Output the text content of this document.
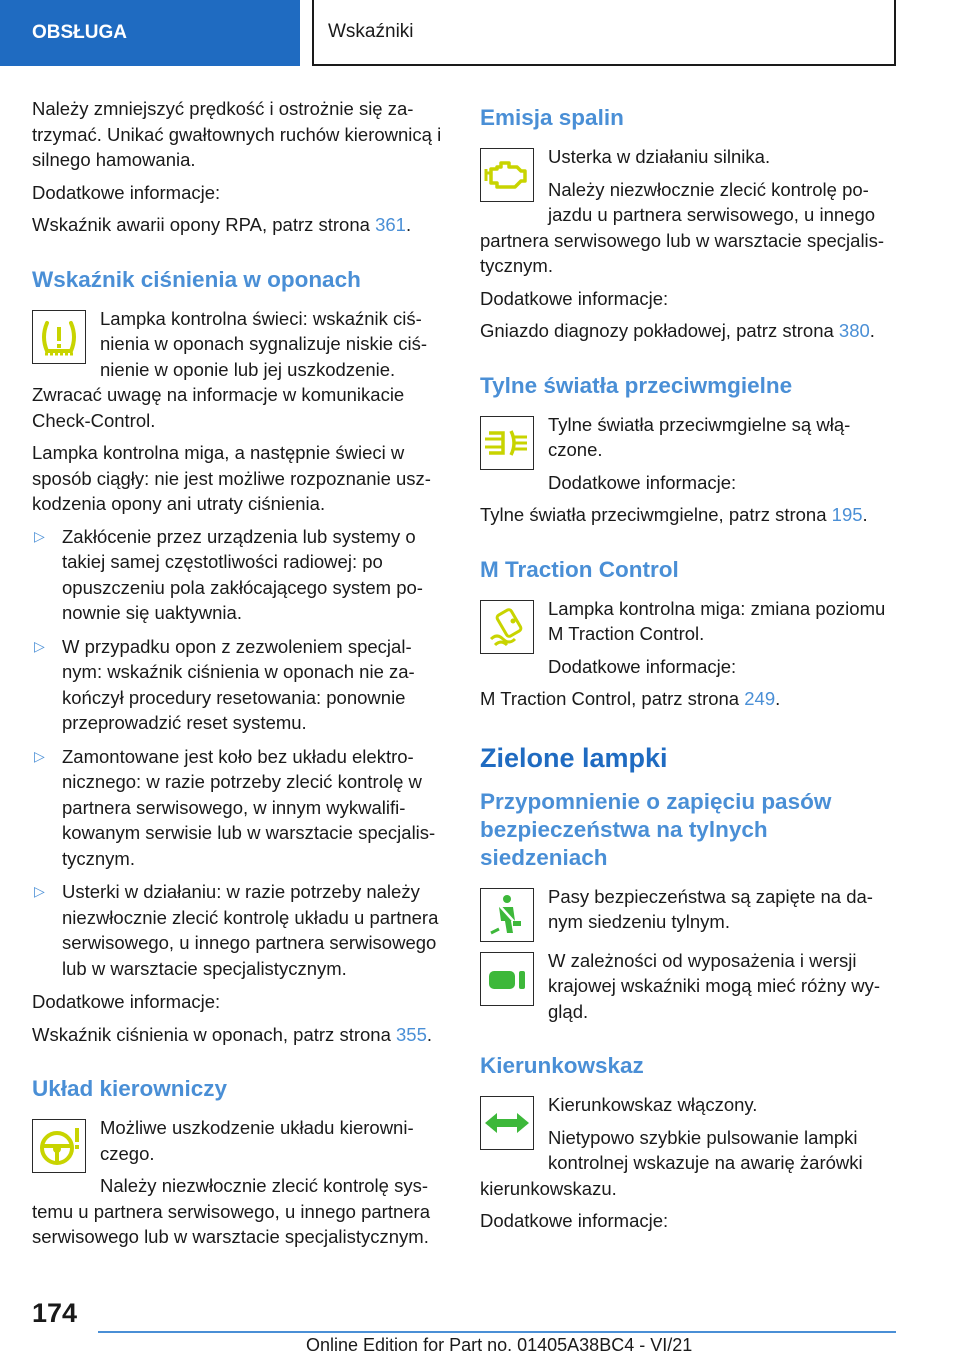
OBSŁUGA	Wskaźniki

Należy zmniejszyć prędkość i ostrożnie się za-trzymać. Unikać gwałtownych ruchów kierownicą i silnego hamowania.

Dodatkowe informacje:

Wskaźnik awarii opony RPA, patrz strona 361.

Wskaźnik ciśnienia w oponach
Lampka kontrolna świeci: wskaźnik ciś-nienia w oponach sygnalizuje niskie ciś-nienie w oponie lub jej uszkodzenie.

Zwracać uwagę na informacje w komunikacie Check-Control.

Lampka kontrolna miga, a następnie świeci w sposób ciągły: nie jest możliwe rozpoznanie usz-kodzenia opony ani utraty ciśnienia.

▷ Zakłócenie przez urządzenia lub systemy o takiej samej częstotliwości radiowej: po opuszczeniu pola zakłócającego system po-nownie się uaktywnia.
▷ W przypadku opon z zezwoleniem specjal-nym: wskaźnik ciśnienia w oponach nie za-kończył procedury resetowania: ponownie przeprowadzić reset systemu.
▷ Zamontowane jest koło bez układu elektro-nicznego: w razie potrzeby zlecić kontrolę w partnera serwisowego, w innym wykwalifi-kowanym serwisie lub w warsztacie specjalis-tycznym.
▷ Usterki w działaniu: w razie potrzeby należy niezwłocznie zlecić kontrolę układu u partnera serwisowego, u innego partnera serwisowego lub w warsztacie specjalistycznym.

Dodatkowe informacje:

Wskaźnik ciśnienia w oponach, patrz strona 355.

Układ kierowniczy

Możliwe uszkodzenie układu kierowni-czego.

Należy niezwłocznie zlecić kontrolę sys-temu u partnera serwisowego, u innego partnera serwisowego lub w warsztacie specjalistycznym.

Emisja spalin

Usterka w działaniu silnika.

Należy niezwłocznie zlecić kontrolę po-jazdu u partnera serwisowego, u innego partnera serwisowego lub w warsztacie specjalis-tycznym.

Dodatkowe informacje:

Gniazdo diagnozy pokładowej, patrz strona 380.

Tylne światła przeciwmgielne

Tylne światła przeciwmgielne są włą-czone.

Dodatkowe informacje:

Tylne światła przeciwmgielne, patrz strona 195.

M Traction Control

Lampka kontrolna miga: zmiana poziomu M Traction Control.

Dodatkowe informacje:

M Traction Control, patrz strona 249.

Zielone lampki
Przypomnienie o zapięciu pasów bezpieczeństwa na tylnych siedzeniach

Pasy bezpieczeństwa są zapięte na da-nym siedzeniu tylnym.

W zależności od wyposażenia i wersji krajowej wskaźniki mogą mieć różny wy-gląd.

Kierunkowskaz

Kierunkowskaz włączony.

Nietypowo szybkie pulsowanie lampki kontrolnej wskazuje na awarię żarówki kierunkowskazu.

Dodatkowe informacje:

174
Online Edition for Part no. 01405A38BC4 - VI/21
